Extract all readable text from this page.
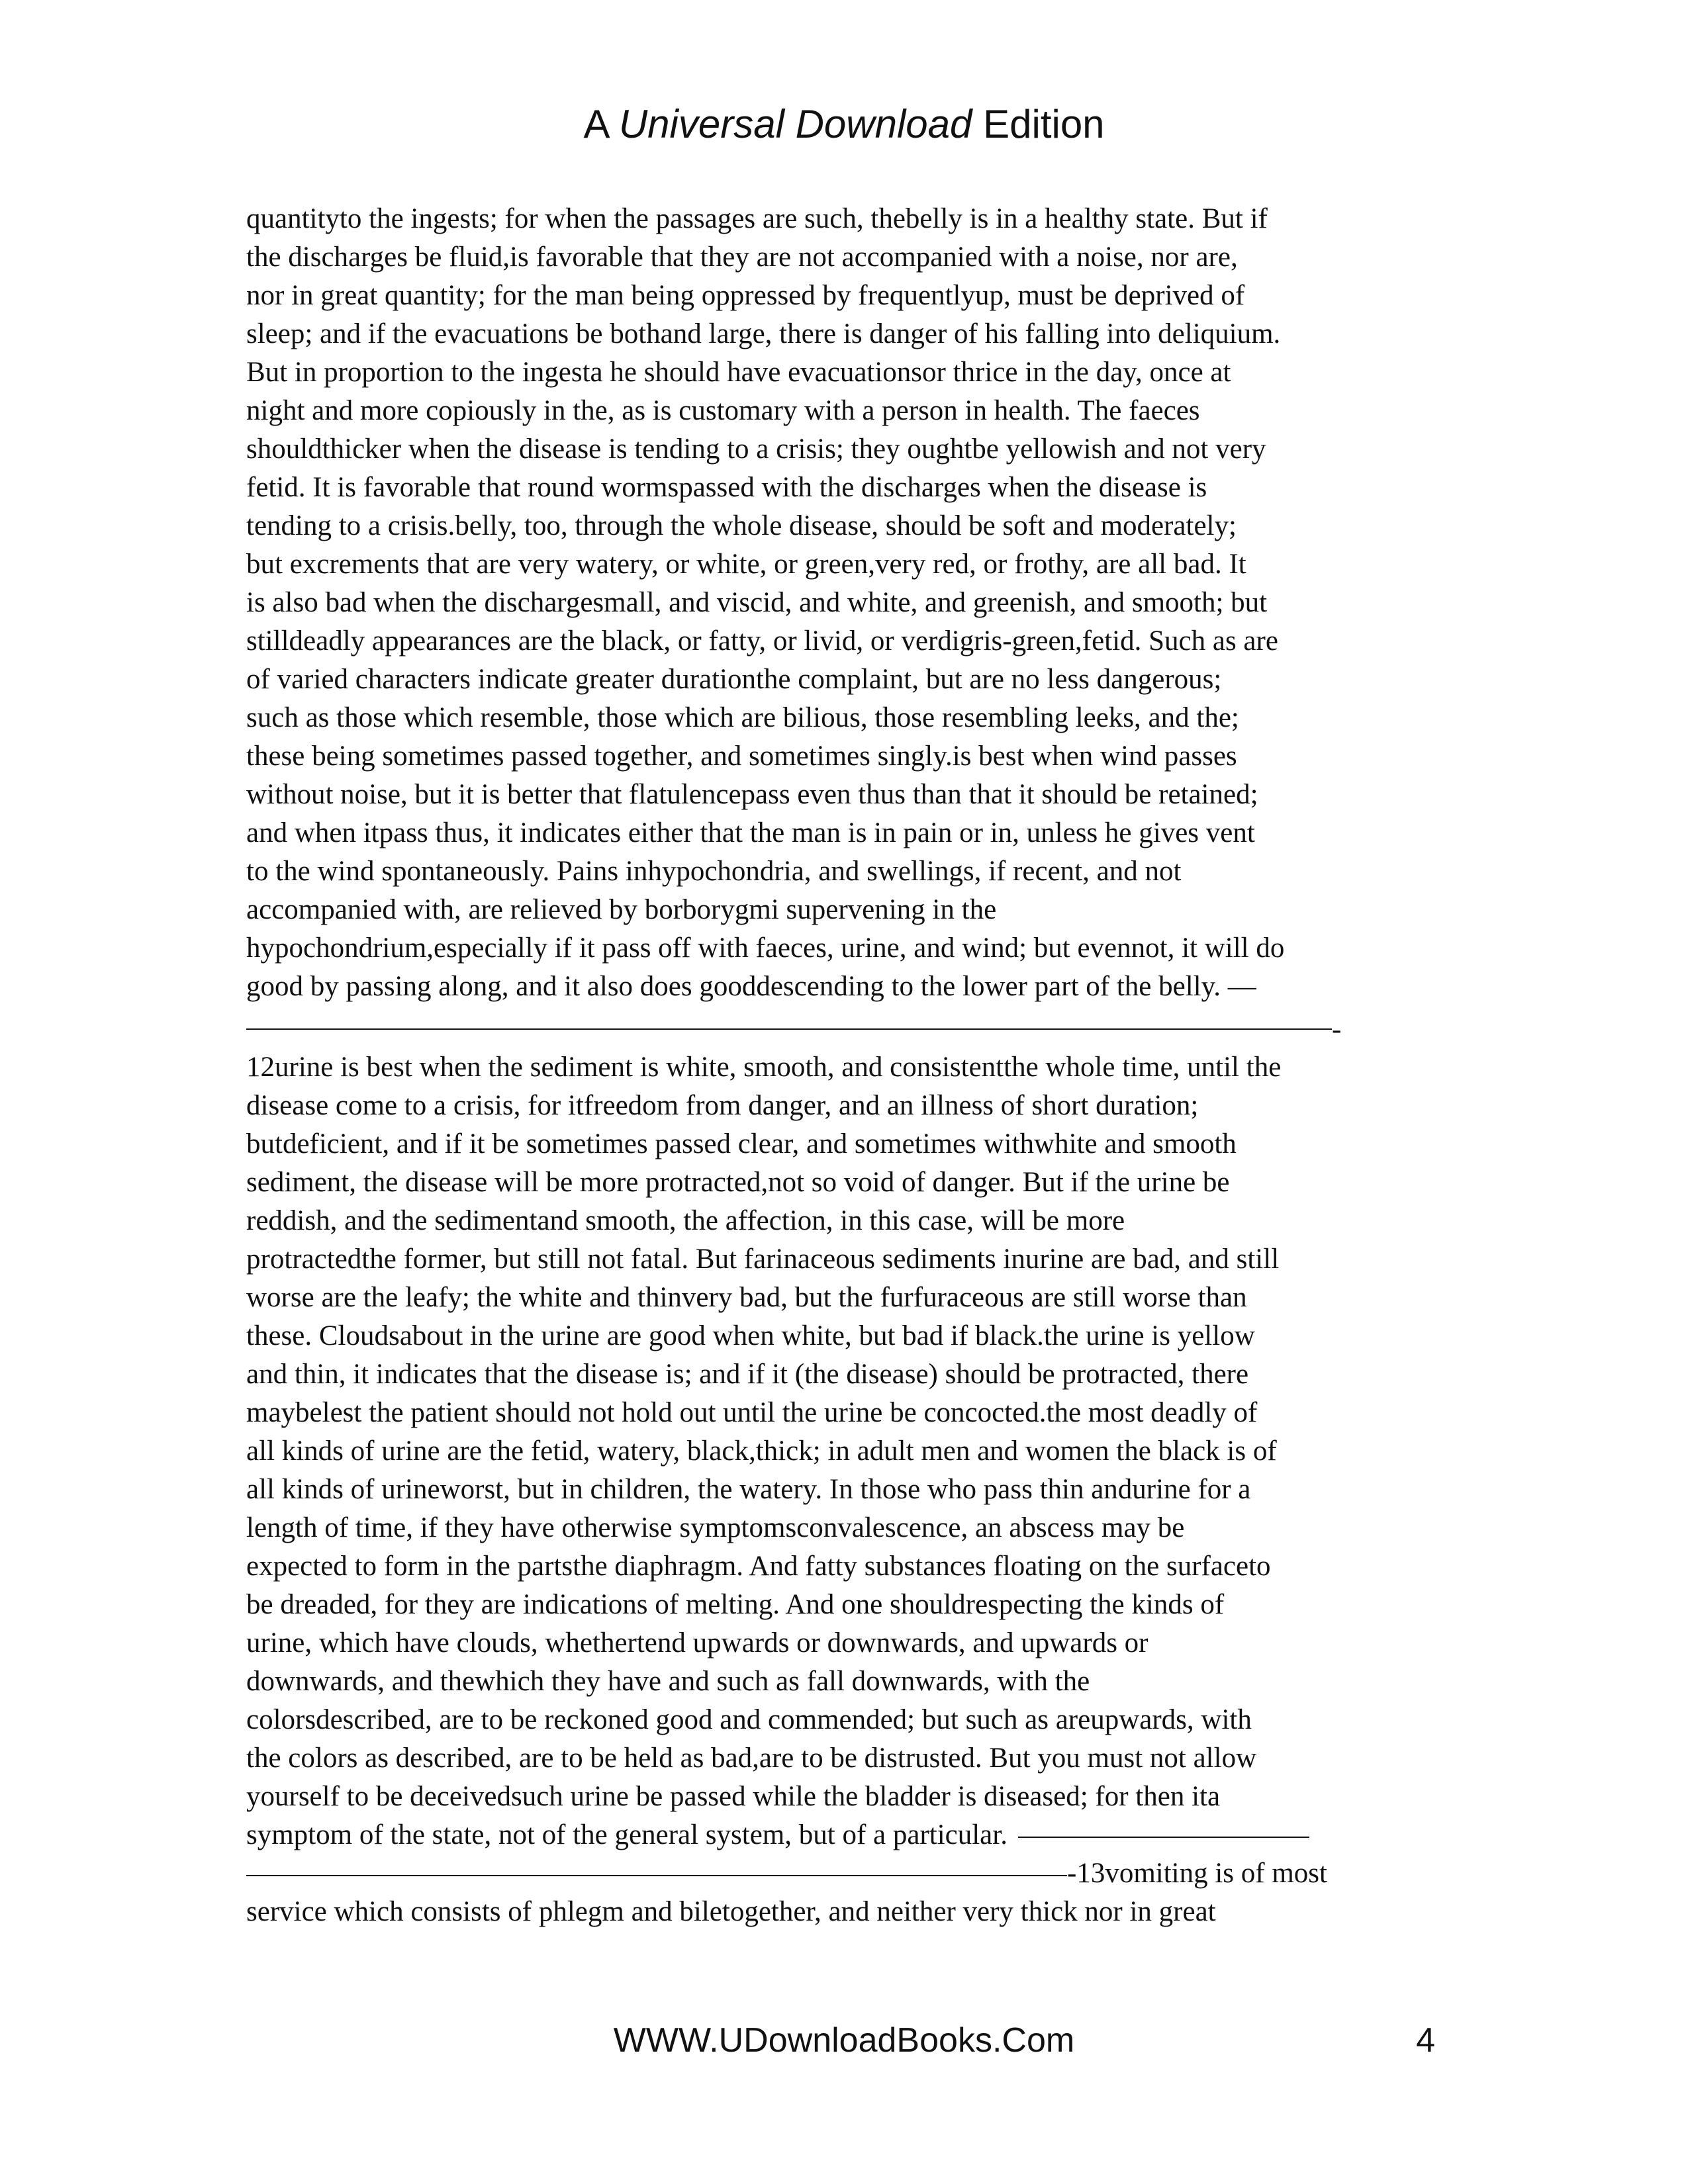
A Universal Download Edition
quantityto the ingests; for when the passages are such, thebelly is in a healthy state. But if
the discharges be fluid,is favorable that they are not accompanied with a noise, nor are,
nor in great quantity; for the man being oppressed by frequentlyup, must be deprived of
sleep; and if the evacuations be bothand large, there is danger of his falling into deliquium.
But in proportion to the ingesta he should have evacuationsor thrice in the day, once at
night and more copiously in the, as is customary with a person in health. The faeces
shouldthicker when the disease is tending to a crisis; they oughtbe yellowish and not very
fetid. It is favorable that round wormspassed with the discharges when the disease is
tending to a crisis.belly, too, through the whole disease, should be soft and moderately;
but excrements that are very watery, or white, or green,very red, or frothy, are all bad. It
is also bad when the dischargesmall, and viscid, and white, and greenish, and smooth; but
stilldeadly appearances are the black, or fatty, or livid, or verdigris-green,fetid. Such as are
of varied characters indicate greater durationthe complaint, but are no less dangerous;
such as those which resemble, those which are bilious, those resembling leeks, and the;
these being sometimes passed together, and sometimes singly.is best when wind passes
without noise, but it is better that flatulencepass even thus than that it should be retained;
and when itpass thus, it indicates either that the man is in pain or in, unless he gives vent
to the wind spontaneously. Pains inhypochondria, and swellings, if recent, and not
accompanied with, are relieved by borborygmi supervening in the
hypochondrium,especially if it pass off with faeces, urine, and wind; but evennot, it will do
good by passing along, and it also does gooddescending to the lower part of the belly. —
-
12urine is best when the sediment is white, smooth, and consistentthe whole time, until the
disease come to a crisis, for itfreedom from danger, and an illness of short duration;
butdeficient, and if it be sometimes passed clear, and sometimes withwhite and smooth
sediment, the disease will be more protracted,not so void of danger. But if the urine be
reddish, and the sedimentand smooth, the affection, in this case, will be more
protractedthe former, but still not fatal. But farinaceous sediments inurine are bad, and still
worse are the leafy; the white and thinvery bad, but the furfuraceous are still worse than
these. Cloudsabout in the urine are good when white, but bad if black.the urine is yellow
and thin, it indicates that the disease is; and if it (the disease) should be protracted, there
maybelest the patient should not hold out until the urine be concocted.the most deadly of
all kinds of urine are the fetid, watery, black,thick; in adult men and women the black is of
all kinds of urineworst, but in children, the watery. In those who pass thin andurine for a
length of time, if they have otherwise symptomsconvalescence, an abscess may be
expected to form in the partsthe diaphragm. And fatty substances floating on the surfaceto
be dreaded, for they are indications of melting. And one shouldrespecting the kinds of
urine, which have clouds, whethertend upwards or downwards, and upwards or
downwards, and thewhich they have and such as fall downwards, with the
colorsdescribed, are to be reckoned good and commended; but such as areupwards, with
the colors as described, are to be held as bad,are to be distrusted. But you must not allow
yourself to be deceivedsuch urine be passed while the bladder is diseased; for then ita
symptom of the state, not of the general system, but of a particular.
-13vomiting is of most
service which consists of phlegm and biletogether, and neither very thick nor in great
WWW.UDownloadBooks.Com	4
